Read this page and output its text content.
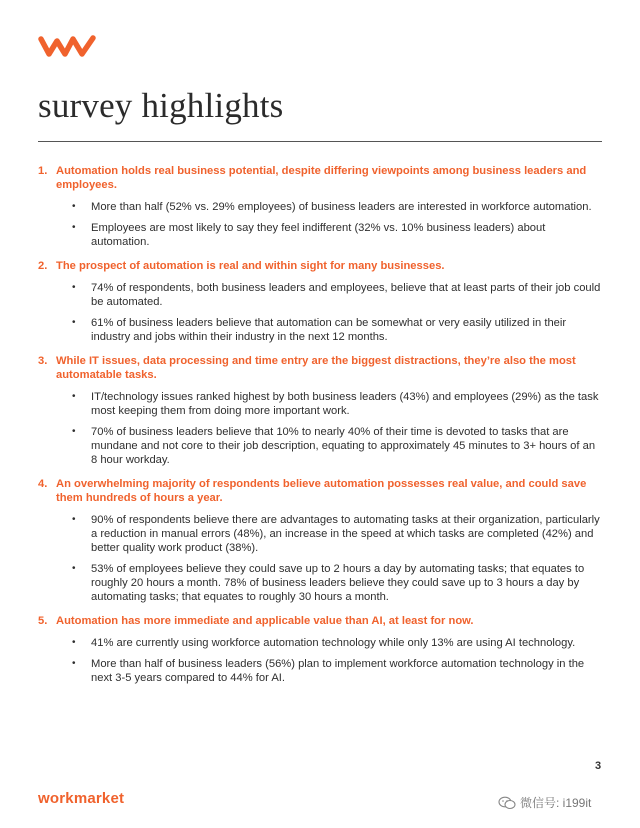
survey highlights
1. Automation holds real business potential, despite differing viewpoints among business leaders and employees.
• More than half (52% vs. 29% employees) of business leaders are interested in workforce automation.
• Employees are most likely to say they feel indifferent (32% vs. 10% business leaders) about automation.
2. The prospect of automation is real and within sight for many businesses.
• 74% of respondents, both business leaders and employees, believe that at least parts of their job could be automated.
• 61% of business leaders believe that automation can be somewhat or very easily utilized in their industry and jobs within their industry in the next 12 months.
3. While IT issues, data processing and time entry are the biggest distractions, they’re also the most automatable tasks.
• IT/technology issues ranked highest by both business leaders (43%) and employees (29%) as the task most keeping them from doing more important work.
• 70% of business leaders believe that 10% to nearly 40% of their time is devoted to tasks that are mundane and not core to their job description, equating to approximately 45 minutes to 3+ hours of an 8 hour workday.
4. An overwhelming majority of respondents believe automation possesses real value, and could save them hundreds of hours a year.
• 90% of respondents believe there are advantages to automating tasks at their organization, particularly a reduction in manual errors (48%), an increase in the speed at which tasks are completed (42%) and better quality work product (38%).
• 53% of employees believe they could save up to 2 hours a day by automating tasks; that equates to roughly 20 hours a month. 78% of business leaders believe they could save up to 3 hours a day by automating tasks; that equates to roughly 30 hours a month.
5. Automation has more immediate and applicable value than AI, at least for now.
• 41% are currently using workforce automation technology while only 13% are using AI technology.
• More than half of business leaders (56%) plan to implement workforce automation technology in the next 3-5 years compared to 44% for AI.
workmarket
3
微信号: i199it
